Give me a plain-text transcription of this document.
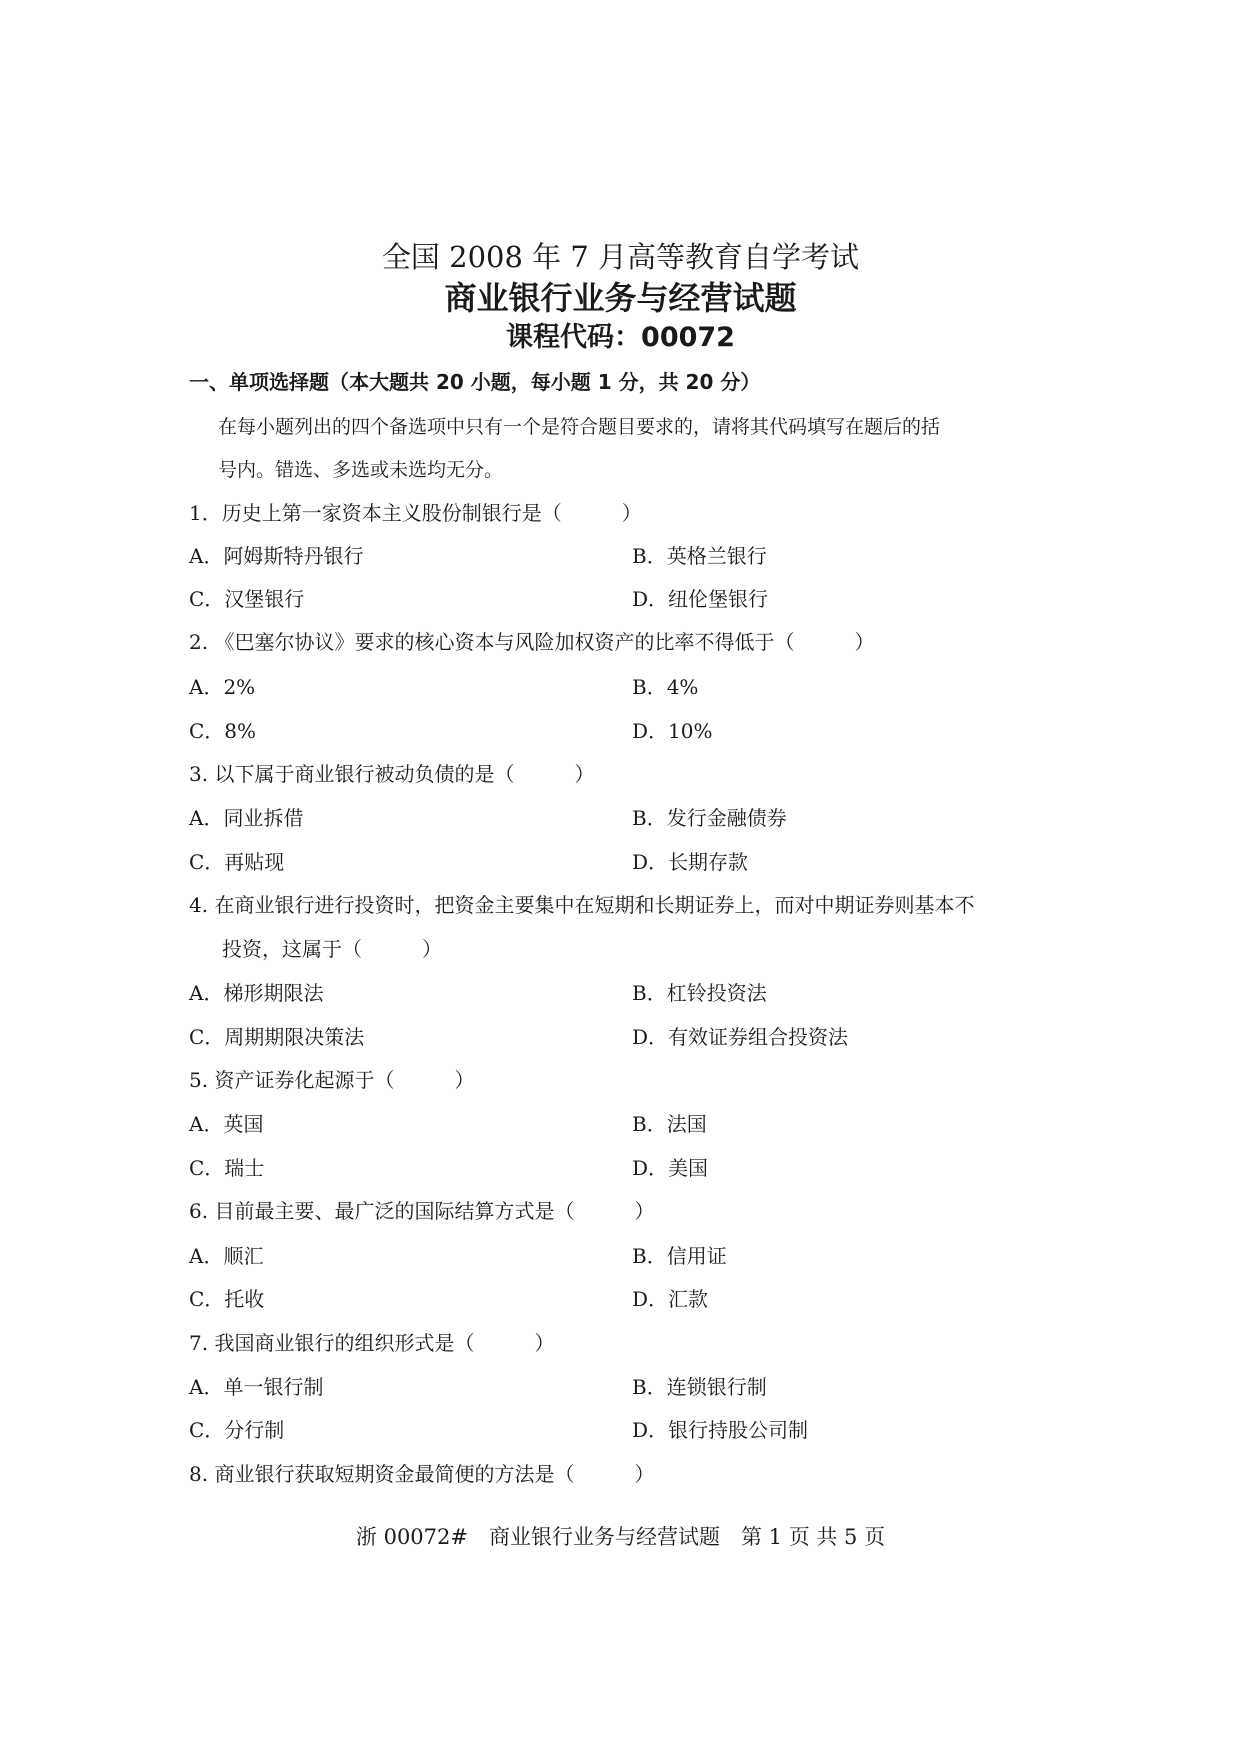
全国 2008 年 7 月高等教育自学考试
商业银行业务与经营试题
课程代码：00072
一、单项选择题（本大题共 20 小题，每小题 1 分，共 20 分）
在每小题列出的四个备选项中只有一个是符合题目要求的，请将其代码填写在题后的括
号内。错选、多选或未选均无分。
1．历史上第一家资本主义股份制银行是（　　　）
A．阿姆斯特丹银行	B．英格兰银行
C．汉堡银行	D．纽伦堡银行
2. 《巴塞尔协议》要求的核心资本与风险加权资产的比率不得低于（　　　）
A．2%	B．4%
C．8%	D．10%
3. 以下属于商业银行被动负债的是（　　　）
A．同业拆借	B．发行金融债券
C．再贴现	D．长期存款
4. 在商业银行进行投资时，把资金主要集中在短期和长期证券上，而对中期证券则基本不
投资，这属于（　　　）
A．梯形期限法	B．杠铃投资法
C．周期期限决策法	D．有效证券组合投资法
5. 资产证券化起源于（　　　）
A．英国	B．法国
C．瑞士	D．美国
6. 目前最主要、最广泛的国际结算方式是（　　　）
A．顺汇	B．信用证
C．托收	D．汇款
7. 我国商业银行的组织形式是（　　　）
A．单一银行制	B．连锁银行制
C．分行制	D．银行持股公司制
8. 商业银行获取短期资金最简便的方法是（　　　）
浙 00072#　商业银行业务与经营试题　第 1 页 共 5 页
